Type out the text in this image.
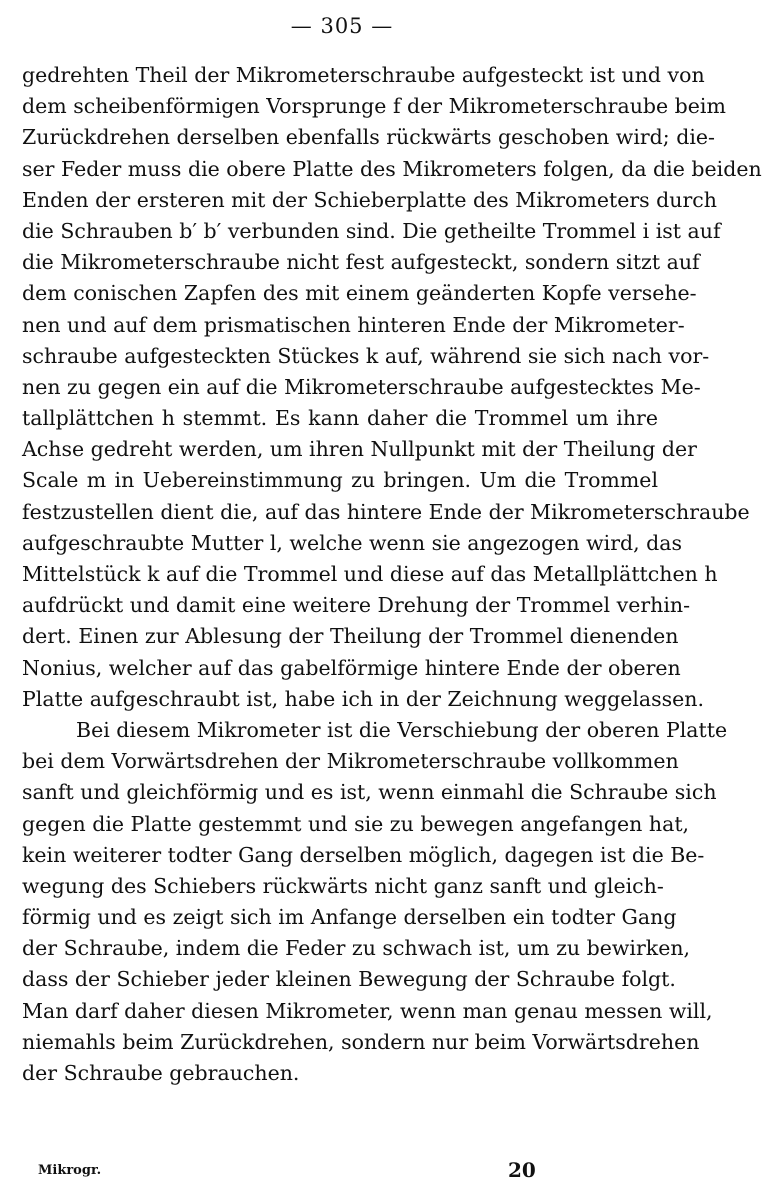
— 305 —
gedrehten Theil der Mikrometerschraube aufgesteckt ist und von
dem scheibenförmigen Vorsprunge f der Mikrometerschraube beim
Zurückdrehen derselben ebenfalls rückwärts geschoben wird; die-
ser Feder muss die obere Platte des Mikrometers folgen, da die beiden
Enden der ersteren mit der Schieberplatte des Mikrometers durch
die Schrauben b′ b′ verbunden sind. Die getheilte Trommel i ist auf
die Mikrometerschraube nicht fest aufgesteckt, sondern sitzt auf
dem conischen Zapfen des mit einem geänderten Kopfe versehe-
nen und auf dem prismatischen hinteren Ende der Mikrometer-
schraube aufgesteckten Stückes k auf, während sie sich nach vor-
nen zu gegen ein auf die Mikrometerschraube aufgestecktes Me-
tallplättchen h stemmt. Es kann daher die Trommel um ihre
Achse gedreht werden, um ihren Nullpunkt mit der Theilung der
Scale m in Uebereinstimmung zu bringen. Um die Trommel
festzustellen dient die, auf das hintere Ende der Mikrometerschraube
aufgeschraubte Mutter l, welche wenn sie angezogen wird, das
Mittelstück k auf die Trommel und diese auf das Metallplättchen h
aufdrückt und damit eine weitere Drehung der Trommel verhin-
dert. Einen zur Ablesung der Theilung der Trommel dienenden
Nonius, welcher auf das gabelförmige hintere Ende der oberen
Platte aufgeschraubt ist, habe ich in der Zeichnung weggelassen.
Bei diesem Mikrometer ist die Verschiebung der oberen Platte
bei dem Vorwärtsdrehen der Mikrometerschraube vollkommen
sanft und gleichförmig und es ist, wenn einmahl die Schraube sich
gegen die Platte gestemmt und sie zu bewegen angefangen hat,
kein weiterer todter Gang derselben möglich, dagegen ist die Be-
wegung des Schiebers rückwärts nicht ganz sanft und gleich-
förmig und es zeigt sich im Anfange derselben ein todter Gang
der Schraube, indem die Feder zu schwach ist, um zu bewirken,
dass der Schieber jeder kleinen Bewegung der Schraube folgt.
Man darf daher diesen Mikrometer, wenn man genau messen will,
niemahls beim Zurückdrehen, sondern nur beim Vorwärtsdrehen
der Schraube gebrauchen.
Mikrogr.	20
